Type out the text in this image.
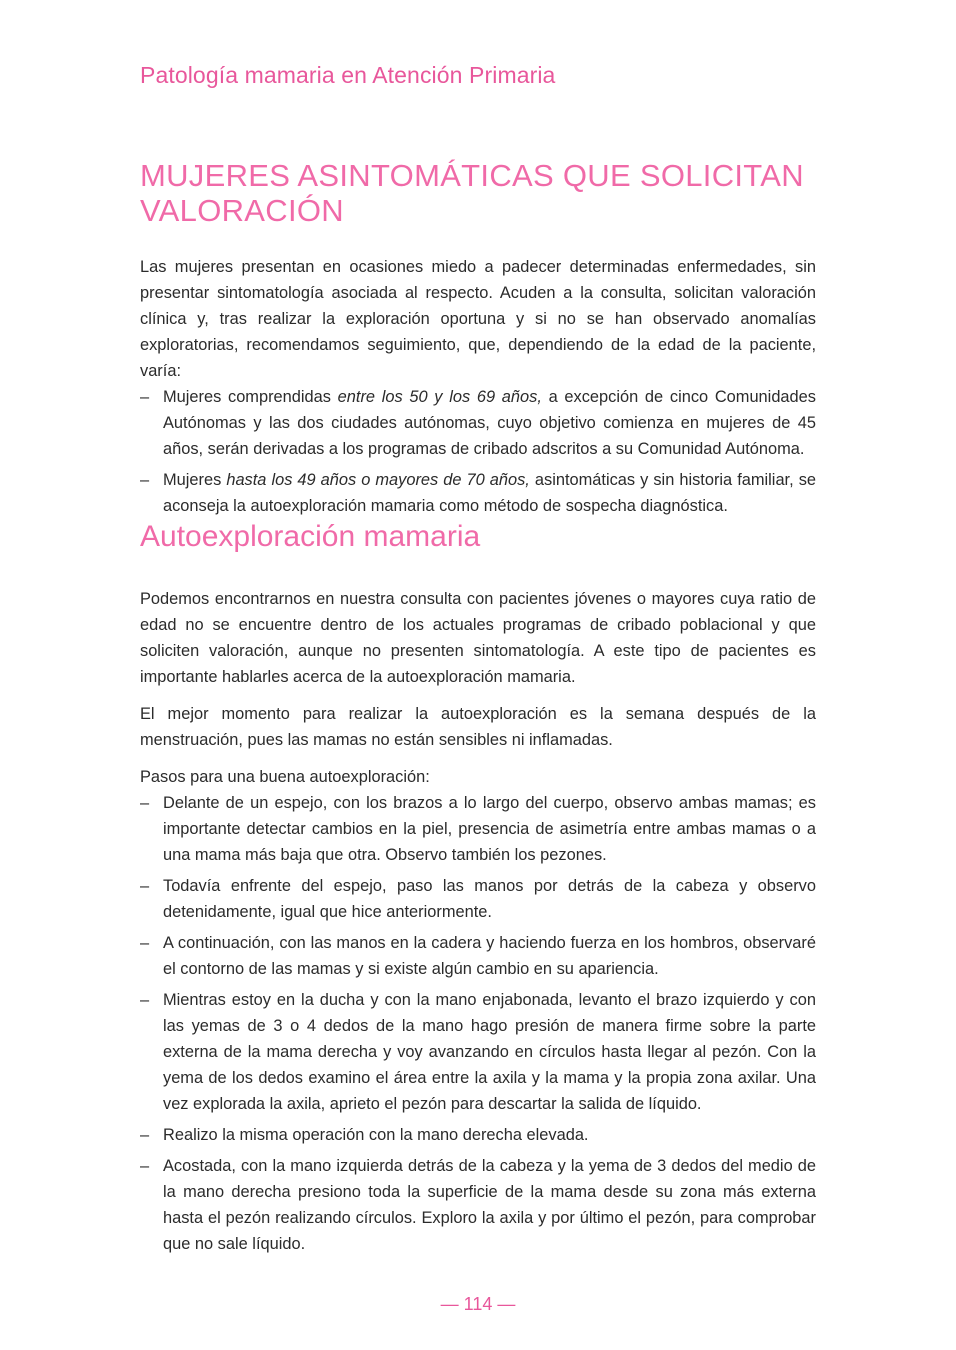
Patología mamaria en Atención Primaria
MUJERES ASINTOMÁTICAS QUE SOLICITAN VALORACIÓN

Las mujeres presentan en ocasiones miedo a padecer determinadas enfermedades, sin presentar sintomatología asociada al respecto. Acuden a la consulta, solicitan valoración clínica y, tras realizar la exploración oportuna y si no se han observado anomalías exploratorias, recomendamos seguimiento, que, dependiendo de la edad de la paciente, varía:

– Mujeres comprendidas entre los 50 y los 69 años, a excepción de cinco Comunidades Autónomas y las dos ciudades autónomas, cuyo objetivo comienza en mujeres de 45 años, serán derivadas a los programas de cribado adscritos a su Comunidad Autónoma.
– Mujeres hasta los 49 años o mayores de 70 años, asintomáticas y sin historia familiar, se aconseja la autoexploración mamaria como método de sospecha diagnóstica.
Autoexploración mamaria

Podemos encontrarnos en nuestra consulta con pacientes jóvenes o mayores cuya ratio de edad no se encuentre dentro de los actuales programas de cribado poblacional y que soliciten valoración, aunque no presenten sintomatología. A este tipo de pacientes es importante hablarles acerca de la autoexploración mamaria.

El mejor momento para realizar la autoexploración es la semana después de la menstruación, pues las mamas no están sensibles ni inflamadas.

Pasos para una buena autoexploración:

– Delante de un espejo, con los brazos a lo largo del cuerpo, observo ambas mamas; es importante detectar cambios en la piel, presencia de asimetría entre ambas mamas o a una mama más baja que otra. Observo también los pezones.
– Todavía enfrente del espejo, paso las manos por detrás de la cabeza y observo detenidamente, igual que hice anteriormente.
– A continuación, con las manos en la cadera y haciendo fuerza en los hombros, observaré el contorno de las mamas y si existe algún cambio en su apariencia.
– Mientras estoy en la ducha y con la mano enjabonada, levanto el brazo izquierdo y con las yemas de 3 o 4 dedos de la mano hago presión de manera firme sobre la parte externa de la mama derecha y voy avanzando en círculos hasta llegar al pezón. Con la yema de los dedos examino el área entre la axila y la mama y la propia zona axilar. Una vez explorada la axila, aprieto el pezón para descartar la salida de líquido.
– Realizo la misma operación con la mano derecha elevada.
– Acostada, con la mano izquierda detrás de la cabeza y la yema de 3 dedos del medio de la mano derecha presiono toda la superficie de la mama desde su zona más externa hasta el pezón realizando círculos. Exploro la axila y por último el pezón, para comprobar que no sale líquido.
— 114 —
